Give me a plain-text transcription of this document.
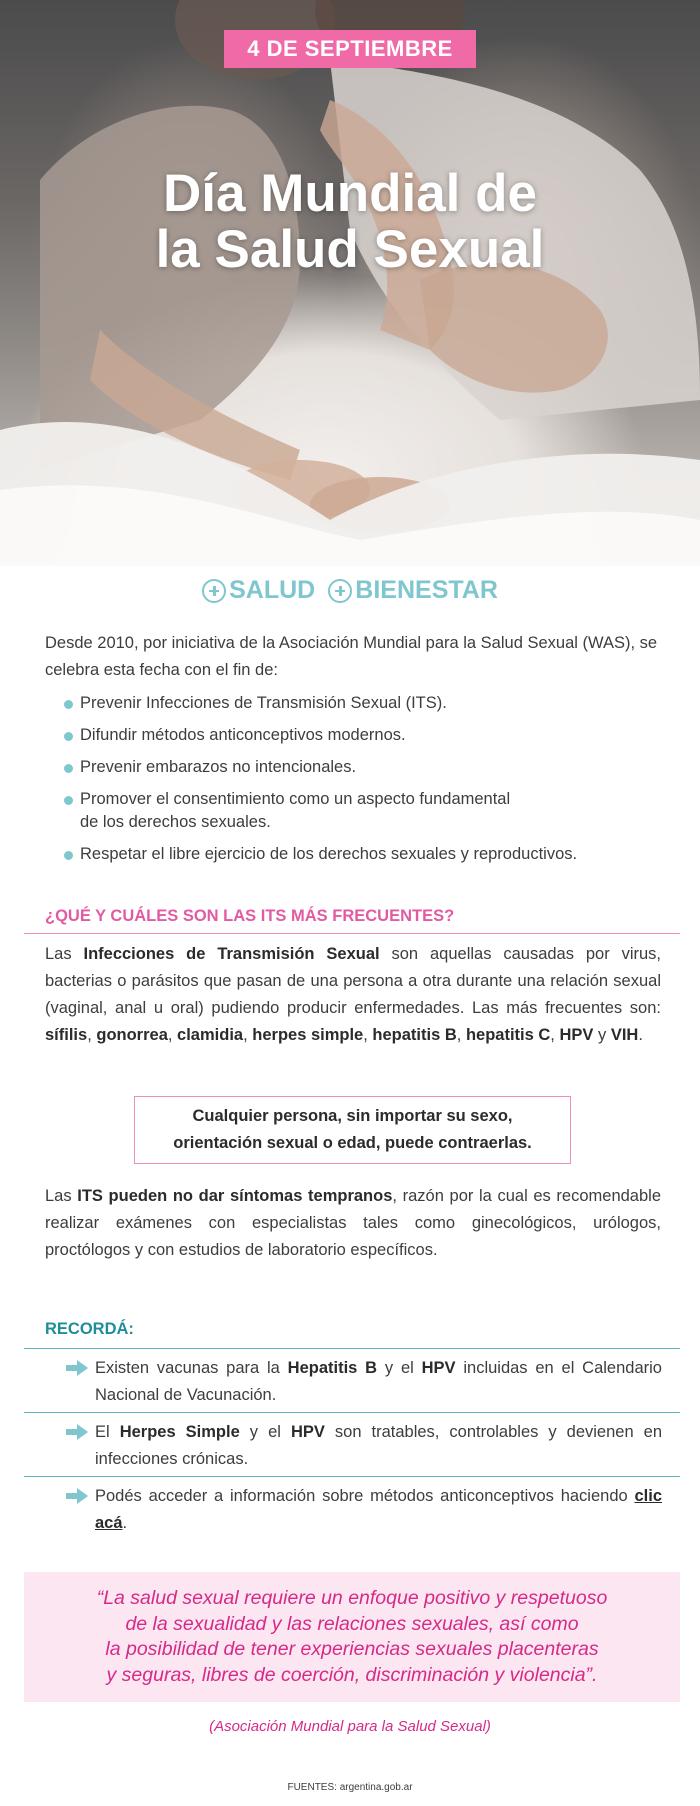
4 DE SEPTIEMBRE
Día Mundial de
la Salud Sexual
SALUD
BIENESTAR

Desde 2010, por iniciativa de la Asociación Mundial para la Salud Sexual (WAS), se celebra esta fecha con el fin de:

Prevenir Infecciones de Transmisión Sexual (ITS).
Difundir métodos anticonceptivos modernos.
Prevenir embarazos no intencionales.
Promover el consentimiento como un aspecto fundamental
de los derechos sexuales.
Respetar el libre ejercicio de los derechos sexuales y reproductivos.
¿QUÉ Y CUÁLES SON LAS ITS MÁS FRECUENTES?

Las Infecciones de Transmisión Sexual son aquellas causadas por virus, bacterias o parásitos que pasan de una persona a otra durante una relación sexual (vaginal, anal u oral) pudiendo producir enfermedades. Las más frecuentes son: sífilis, gonorrea, clamidia, herpes simple, hepatitis B, hepatitis C, HPV y VIH.

Cualquier persona, sin importar su sexo,
orientación sexual o edad, puede contraerlas.

Las ITS pueden no dar síntomas tempranos, razón por la cual es recomendable realizar exámenes con especialistas tales como ginecológicos, urólogos, proctólogos y con estudios de laboratorio específicos.

RECORDÁ:
Existen vacunas para la Hepatitis B y el HPV incluidas en el Calendario Nacional de Vacunación.
El Herpes Simple y el HPV son tratables, controlables y devienen en infecciones crónicas.
Podés acceder a información sobre métodos anticonceptivos haciendo clic acá.
“La salud sexual requiere un enfoque positivo y respetuoso
de la sexualidad y las relaciones sexuales, así como
la posibilidad de tener experiencias sexuales placenteras
y seguras, libres de coerción, discriminación y violencia”.
(Asociación Mundial para la Salud Sexual)
FUENTES: argentina.gob.ar
